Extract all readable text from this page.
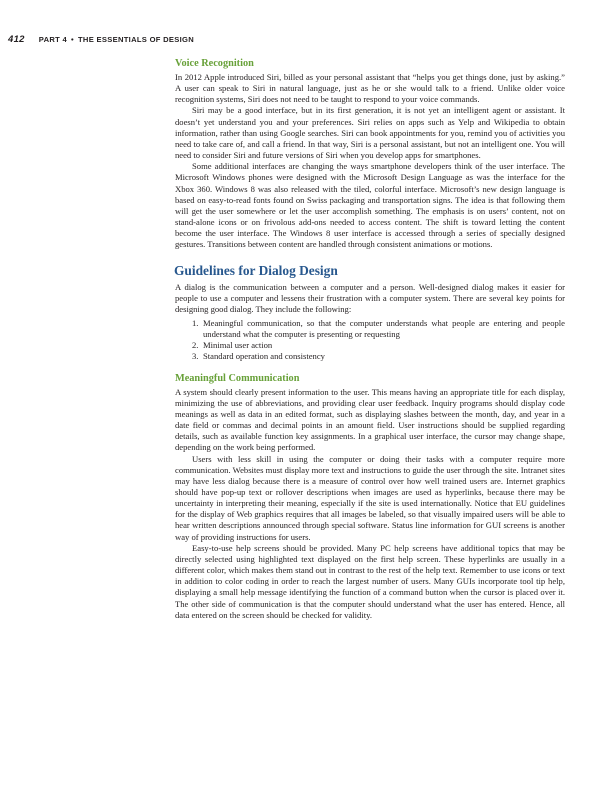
412 PART 4 • THE ESSENTIALS OF DESIGN
Voice Recognition

In 2012 Apple introduced Siri, billed as your personal assistant that “helps you get things done, just by asking.” A user can speak to Siri in natural language, just as he or she would talk to a friend. Unlike older voice recognition systems, Siri does not need to be taught to respond to your voice commands.

Siri may be a good interface, but in its first generation, it is not yet an intelligent agent or assistant. It doesn’t yet understand you and your preferences. Siri relies on apps such as Yelp and Wikipedia to obtain information, rather than using Google searches. Siri can book appointments for you, remind you of activities you need to take care of, and call a friend. In that way, Siri is a personal assistant, but not an intelligent one. You will need to consider Siri and future versions of Siri when you develop apps for smartphones.

Some additional interfaces are changing the ways smartphone developers think of the user interface. The Microsoft Windows phones were designed with the Microsoft Design Language as was the interface for the Xbox 360. Windows 8 was also released with the tiled, colorful interface. Microsoft’s new design language is based on easy-to-read fonts found on Swiss packaging and transportation signs. The idea is that following them will get the user somewhere or let the user accomplish something. The emphasis is on users’ content, not on stand-alone icons or on frivolous add-ons needed to access content. The shift is toward letting the content become the user interface. The Windows 8 user interface is accessed through a series of specially designed gestures. Transitions between content are handled through consistent animations or motions.

Guidelines for Dialog Design

A dialog is the communication between a computer and a person. Well-designed dialog makes it easier for people to use a computer and lessens their frustration with a computer system. There are several key points for designing good dialog. They include the following:

1. Meaningful communication, so that the computer understands what people are entering and people understand what the computer is presenting or requesting
2. Minimal user action
3. Standard operation and consistency
Meaningful Communication

A system should clearly present information to the user. This means having an appropriate title for each display, minimizing the use of abbreviations, and providing clear user feedback. Inquiry programs should display code meanings as well as data in an edited format, such as displaying slashes between the month, day, and year in a date field or commas and decimal points in an amount field. User instructions should be supplied regarding details, such as available function key assignments. In a graphical user interface, the cursor may change shape, depending on the work being performed.

Users with less skill in using the computer or doing their tasks with a computer require more communication. Websites must display more text and instructions to guide the user through the site. Intranet sites may have less dialog because there is a measure of control over how well trained users are. Internet graphics should have pop-up text or rollover descriptions when images are used as hyperlinks, because there may be uncertainty in interpreting their meaning, especially if the site is used internationally. Notice that EU guidelines for the display of Web graphics requires that all images be labeled, so that visually impaired users will be able to hear written descriptions announced through special software. Status line information for GUI screens is another way of providing instructions for users.

Easy-to-use help screens should be provided. Many PC help screens have additional topics that may be directly selected using highlighted text displayed on the first help screen. These hyperlinks are usually in a different color, which makes them stand out in contrast to the rest of the help text. Remember to use icons or text in addition to color coding in order to reach the largest number of users. Many GUIs incorporate tool tip help, displaying a small help message identifying the function of a command button when the cursor is placed over it. The other side of communication is that the computer should understand what the user has entered. Hence, all data entered on the screen should be checked for validity.
